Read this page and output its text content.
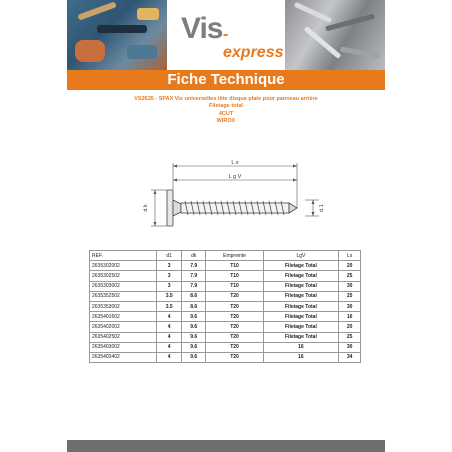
Vis -express
Fiche Technique
VS2635 - SPAX Vis universelles tête disque plate pour panneau arrière
Filetage total
4CUT
WIROX
L s
L g V
d k	d 1
REF.	d1	dk	Empreinte	LgV	Ls
2635302002	3	7.9	T10	Filetage Total	20
2635302502	3	7.9	T10	Filetage Total	25
2635303002	3	7.9	T10	Filetage Total	30
2635352502	3.5	8.6	T20	Filetage Total	25
2635353002	3.5	8.6	T20	Filetage Total	30
2635401602	4	9.6	T20	Filetage Total	16
2635402002	4	9.6	T20	Filetage Total	20
2635402502	4	9.6	T20	Filetage Total	25
2635403002	4	9.6	T20	16	30
2635403402	4	9.6	T20	16	34
